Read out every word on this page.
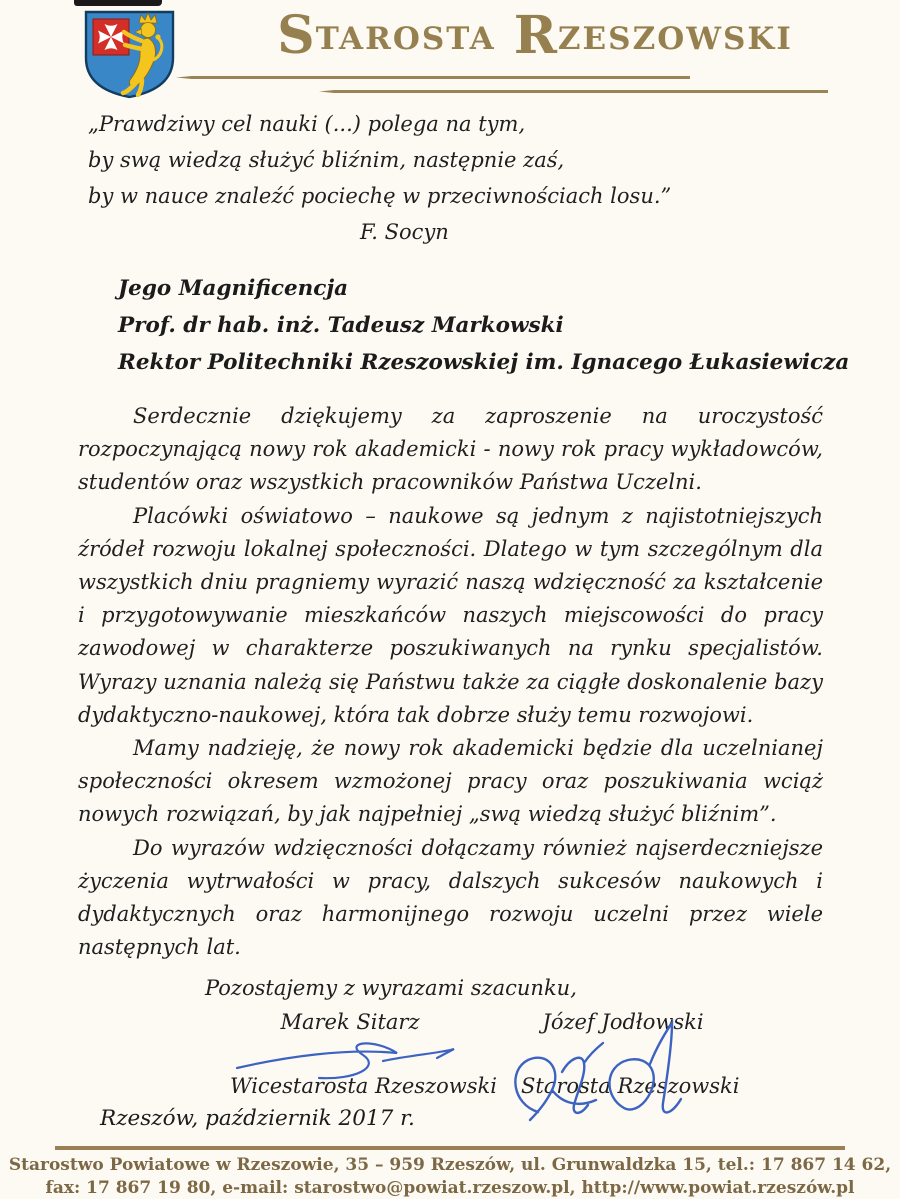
STAROSTA RZESZOWSKI
„Prawdziwy cel nauki (...) polega na tym,
by swą wiedzą służyć bliźnim, następnie zaś,
by w nauce znaleźć pociechę w przeciwnościach losu.”
F. Socyn
Jego Magnificencja
Prof. dr hab. inż. Tadeusz Markowski
Rektor Politechniki Rzeszowskiej im. Ignacego Łukasiewicza

Serdecznie dziękujemy za zaproszenie na uroczystość rozpoczynającą nowy rok akademicki - nowy rok pracy wykładowców, studentów oraz wszystkich pracowników Państwa Uczelni.

Placówki oświatowo – naukowe są jednym z najistotniejszych źródeł rozwoju lokalnej społeczności. Dlatego w tym szczególnym dla wszystkich dniu pragniemy wyrazić naszą wdzięczność za kształcenie i przygotowywanie mieszkańców naszych miejscowości do pracy zawodowej w charakterze poszukiwanych na rynku specjalistów. Wyrazy uznania należą się Państwu także za ciągłe doskonalenie bazy dydaktyczno-naukowej, która tak dobrze służy temu rozwojowi.

Mamy nadzieję, że nowy rok akademicki będzie dla uczelnianej społeczności okresem wzmożonej pracy oraz poszukiwania wciąż nowych rozwiązań, by jak najpełniej „swą wiedzą służyć bliźnim”.

Do wyrazów wdzięczności dołączamy również najserdeczniejsze życzenia wytrwałości w pracy, dalszych sukcesów naukowych i dydaktycznych oraz harmonijnego rozwoju uczelni przez wiele następnych lat.

Pozostajemy z wyrazami szacunku,
Marek Sitarz	Józef Jodłowski
Wicestarosta Rzeszowski Starosta Rzeszowski
Rzeszów, październik 2017 r.
Starostwo Powiatowe w Rzeszowie, 35 – 959 Rzeszów, ul. Grunwaldzka 15, tel.: 17 867 14 62,
fax: 17 867 19 80, e-mail: starostwo@powiat.rzeszow.pl, http://www.powiat.rzeszów.pl
